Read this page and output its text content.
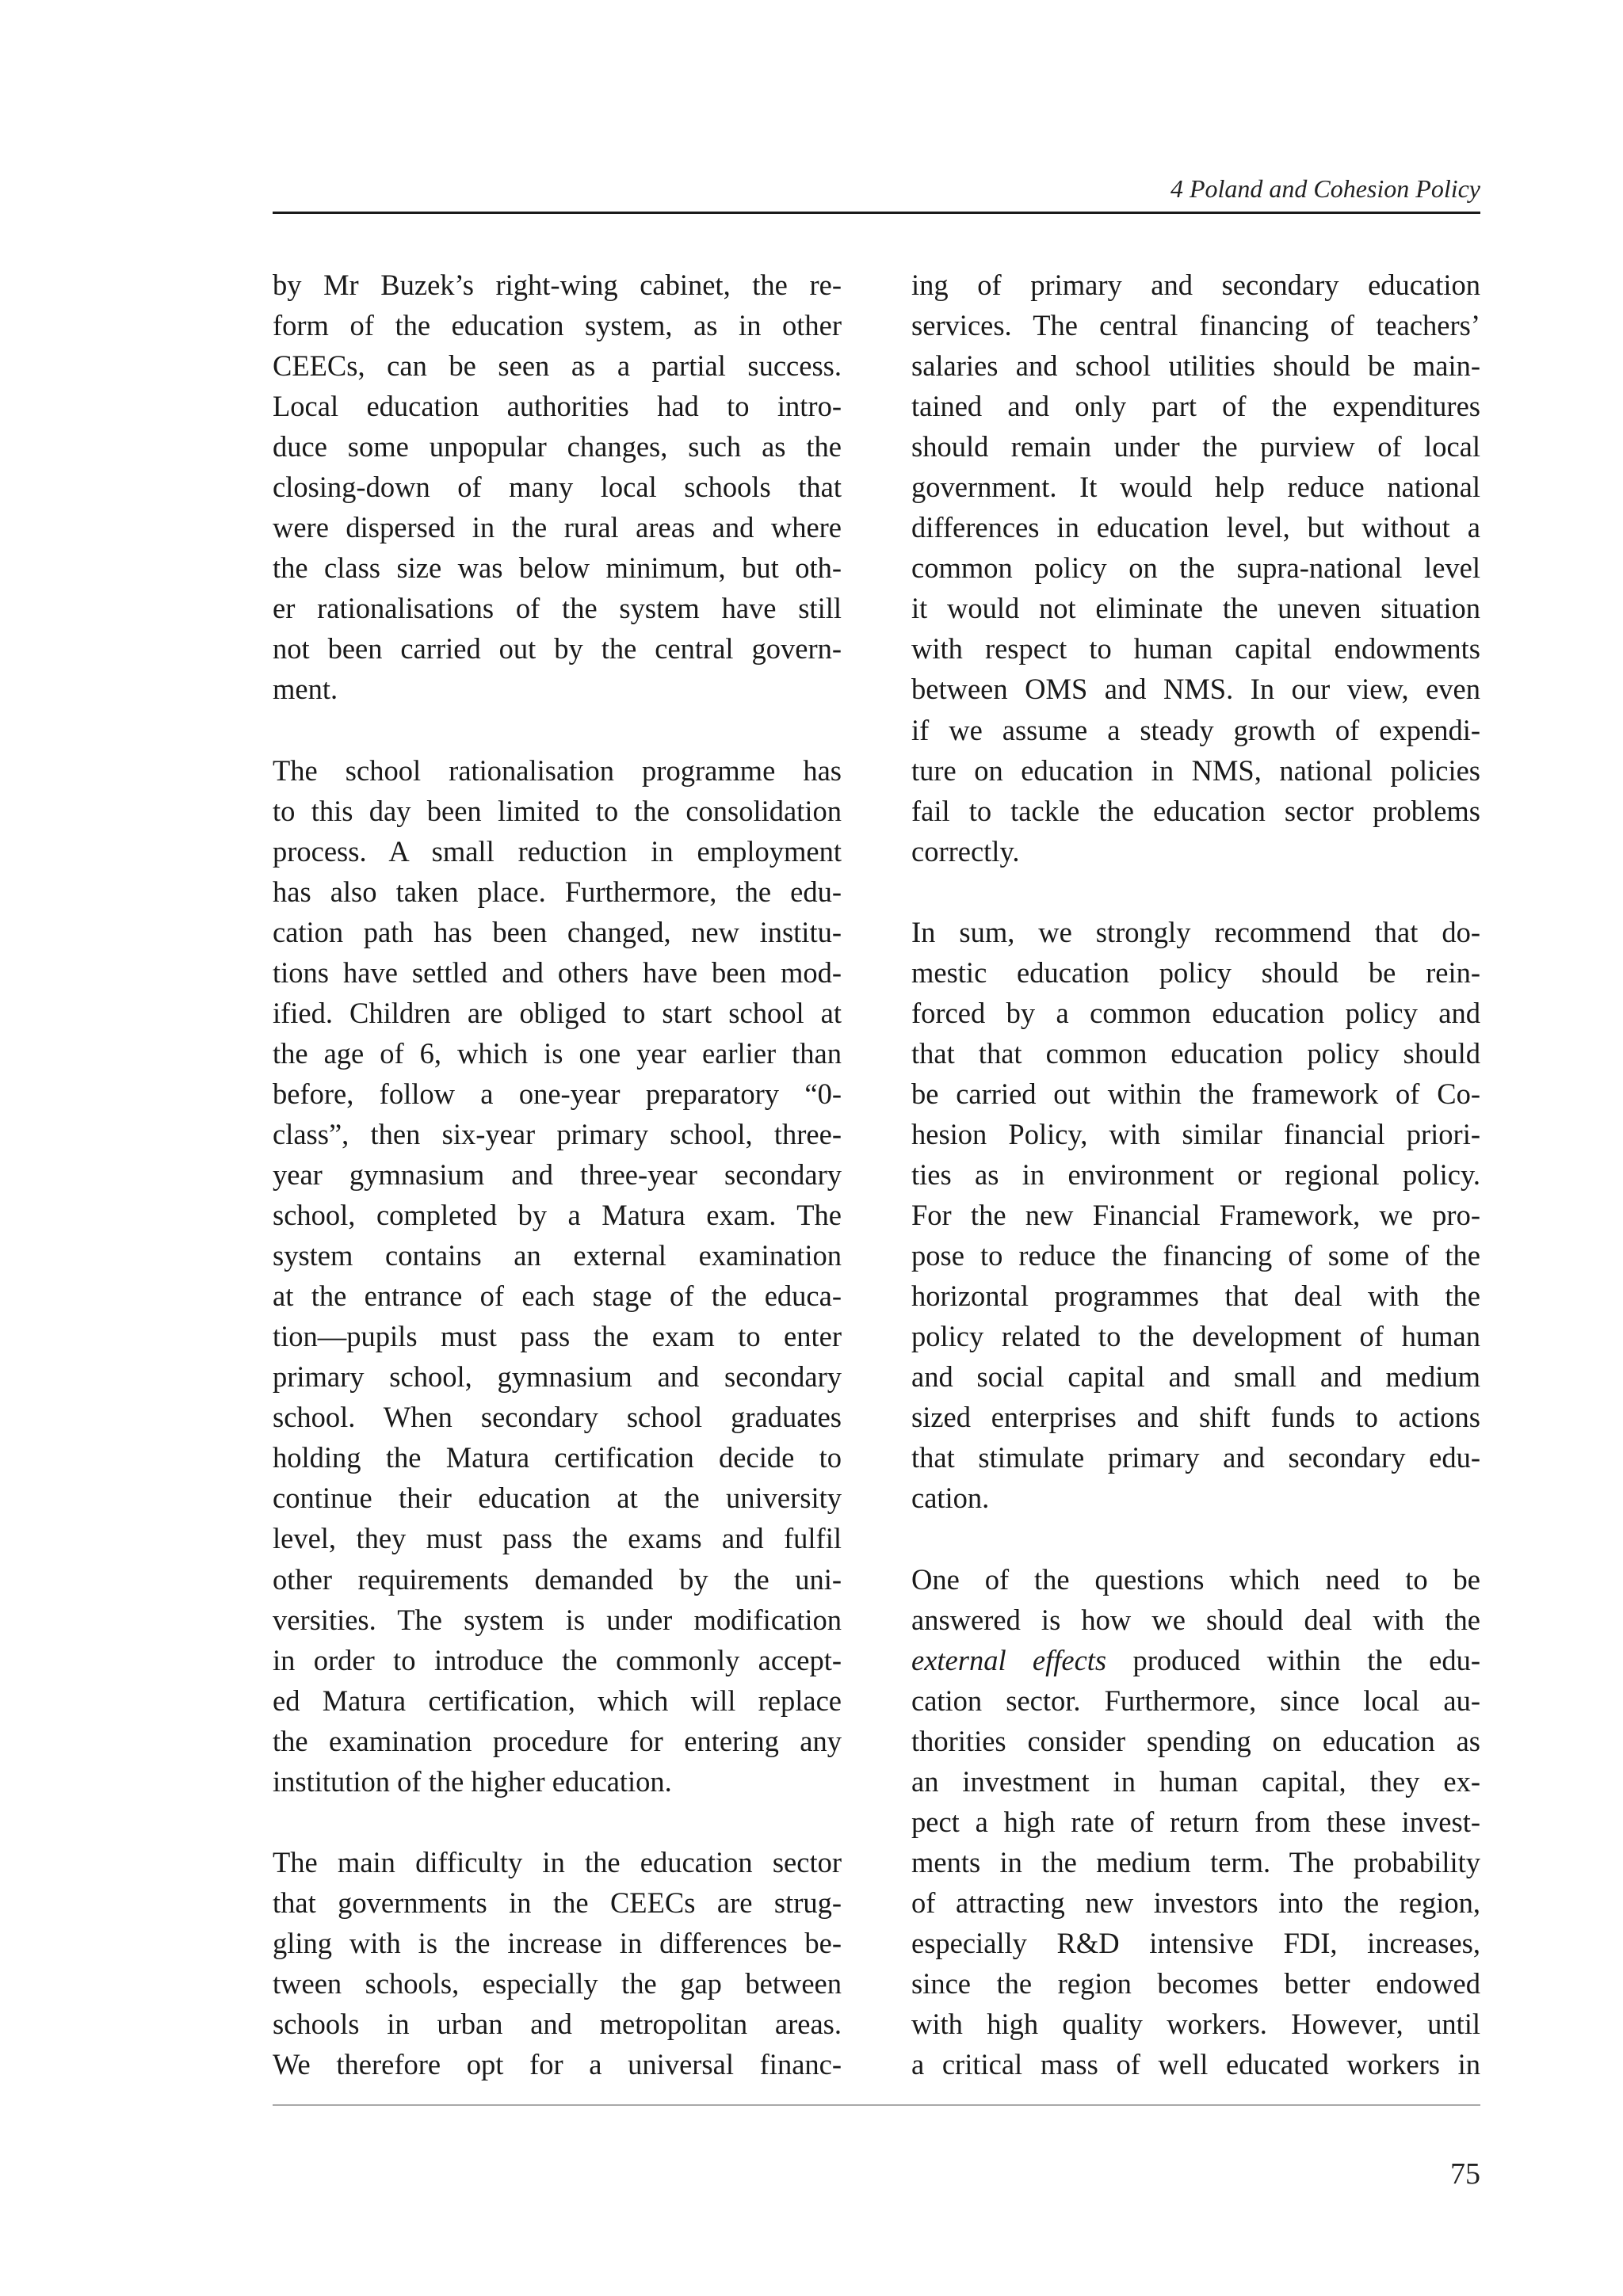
4 Poland and Cohesion Policy
by Mr Buzek’s right-wing cabinet, the re-
form of the education system, as in other
CEECs, can be seen as a partial success.
Local education authorities had to intro-
duce some unpopular changes, such as the
closing-down of many local schools that
were dispersed in the rural areas and where
the class size was below minimum, but oth-
er rationalisations of the system have still
not been carried out by the central govern-
ment.
The school rationalisation programme has
to this day been limited to the consolidation
process. A small reduction in employment
has also taken place. Furthermore, the edu-
cation path has been changed, new institu-
tions have settled and others have been mod-
ified. Children are obliged to start school at
the age of 6, which is one year earlier than
before, follow a one-year preparatory “0-
class”, then six-year primary school, three-
year gymnasium and three-year secondary
school, completed by a Matura exam. The
system contains an external examination
at the entrance of each stage of the educa-
tion—pupils must pass the exam to enter
primary school, gymnasium and secondary
school. When secondary school graduates
holding the Matura certification decide to
continue their education at the university
level, they must pass the exams and fulfil
other requirements demanded by the uni-
versities. The system is under modification
in order to introduce the commonly accept-
ed Matura certification, which will replace
the examination procedure for entering any
institution of the higher education.
The main difficulty in the education sector
that governments in the CEECs are strug-
gling with is the increase in differences be-
tween schools, especially the gap between
schools in urban and metropolitan areas.
We therefore opt for a universal financ-
ing of primary and secondary education
services. The central financing of teachers’
salaries and school utilities should be main-
tained and only part of the expenditures
should remain under the purview of local
government. It would help reduce national
differences in education level, but without a
common policy on the supra-national level
it would not eliminate the uneven situation
with respect to human capital endowments
between OMS and NMS. In our view, even
if we assume a steady growth of expendi-
ture on education in NMS, national policies
fail to tackle the education sector problems
correctly.
In sum, we strongly recommend that do-
mestic education policy should be rein-
forced by a common education policy and
that that common education policy should
be carried out within the framework of Co-
hesion Policy, with similar financial priori-
ties as in environment or regional policy.
For the new Financial Framework, we pro-
pose to reduce the financing of some of the
horizontal programmes that deal with the
policy related to the development of human
and social capital and small and medium
sized enterprises and shift funds to actions
that stimulate primary and secondary edu-
cation.
One of the questions which need to be
answered is how we should deal with the
external effects produced within the edu-
cation sector. Furthermore, since local au-
thorities consider spending on education as
an investment in human capital, they ex-
pect a high rate of return from these invest-
ments in the medium term. The probability
of attracting new investors into the region,
especially R&D intensive FDI, increases,
since the region becomes better endowed
with high quality workers. However, until
a critical mass of well educated workers in
75
